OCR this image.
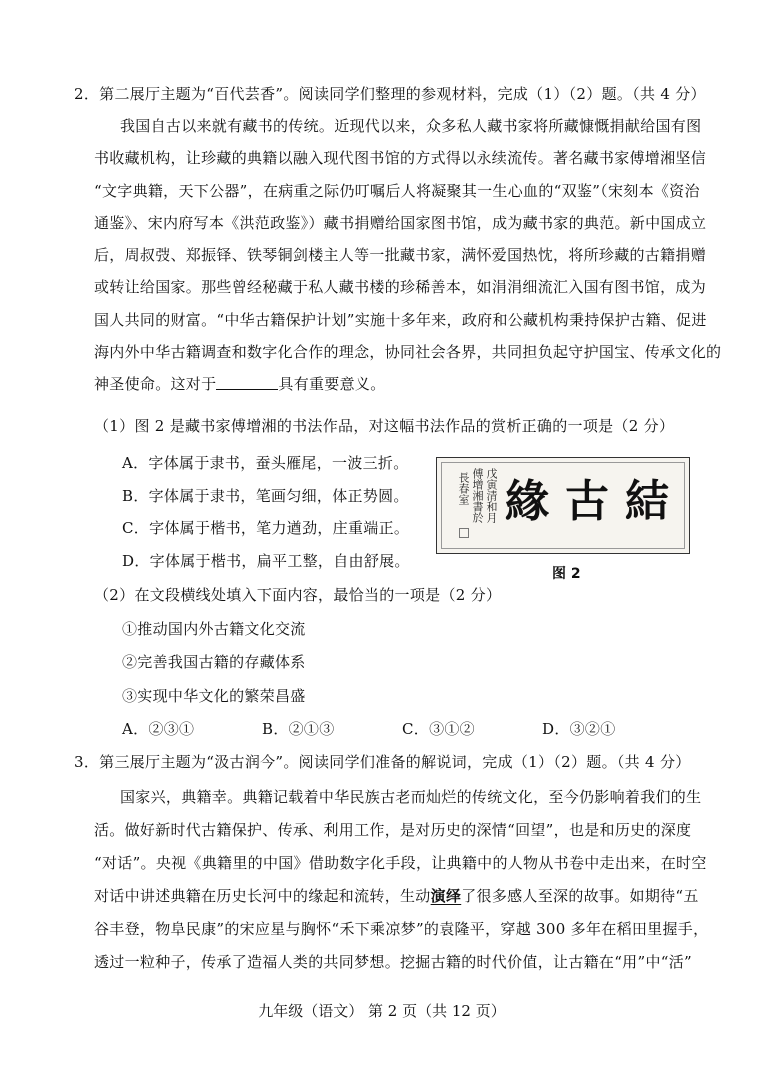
2．第二展厅主题为“百代芸香”。阅读同学们整理的参观材料，完成（1）（2）题。（共 4 分）
我国自古以来就有藏书的传统。近现代以来，众多私人藏书家将所藏慷慨捐献给国有图
书收藏机构，让珍藏的典籍以融入现代图书馆的方式得以永续流传。著名藏书家傅增湘坚信
“文字典籍，天下公器”，在病重之际仍叮嘱后人将凝聚其一生心血的“双鉴”（宋刻本《资治
通鉴》、宋内府写本《洪范政鉴》）藏书捐赠给国家图书馆，成为藏书家的典范。新中国成立
后，周叔弢、郑振铎、铁琴铜剑楼主人等一批藏书家，满怀爱国热忱，将所珍藏的古籍捐赠
或转让给国家。那些曾经秘藏于私人藏书楼的珍稀善本，如涓涓细流汇入国有图书馆，成为
国人共同的财富。“中华古籍保护计划”实施十多年来，政府和公藏机构秉持保护古籍、促进
海内外中华古籍调查和数字化合作的理念，协同社会各界，共同担负起守护国宝、传承文化的
神圣使命。这对于	具有重要意义。
（1）图 2 是藏书家傅增湘的书法作品，对这幅书法作品的赏析正确的一项是（2 分）
A．字体属于隶书，蚕头雁尾，一波三折。
B．字体属于隶书，笔画匀细，体正势圆。
C．字体属于楷书，笔力遒劲，庄重端正。
D．字体属于楷书，扁平工整，自由舒展。
戊寅清和月
傅增湘書於
長春室 緣 古 結
图 2
（2）在文段横线处填入下面内容，最恰当的一项是（2 分）
①推动国内外古籍文化交流
②完善我国古籍的存藏体系
③实现中华文化的繁荣昌盛
A．②③①	B．②①③	C．③①②	D．③②①
3．第三展厅主题为“汲古润今”。阅读同学们准备的解说词，完成（1）（2）题。（共 4 分）
国家兴，典籍幸。典籍记载着中华民族古老而灿烂的传统文化，至今仍影响着我们的生
活。做好新时代古籍保护、传承、利用工作，是对历史的深情“回望”，也是和历史的深度
“对话”。央视《典籍里的中国》借助数字化手段，让典籍中的人物从书卷中走出来，在时空
对话中讲述典籍在历史长河中的缘起和流转，生动演绎了很多感人至深的故事。如期待“五
谷丰登，物阜民康”的宋应星与胸怀“禾下乘凉梦”的袁隆平，穿越 300 多年在稻田里握手，
透过一粒种子，传承了造福人类的共同梦想。挖掘古籍的时代价值，让古籍在“用”中“活”
九年级（语文） 第 2 页（共 12 页）
